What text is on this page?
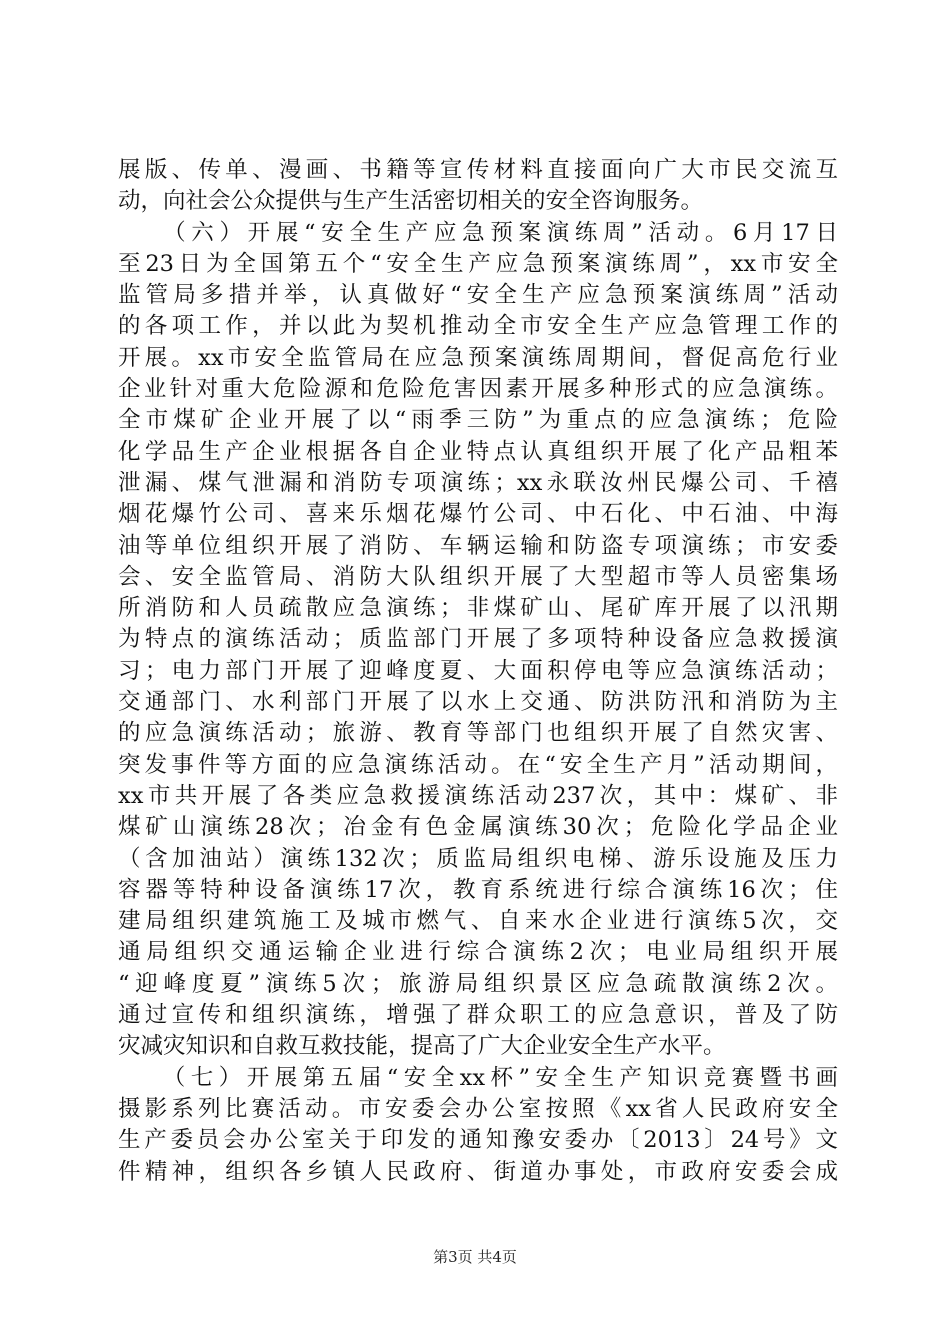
展版、传单、漫画、书籍等宣传材料直接面向广大市民交流互
动，向社会公众提供与生产生活密切相关的安全咨询服务。
　　（六）开展“安全生产应急预案演练周”活动。6月17日
至23日为全国第五个“安全生产应急预案演练周”，xx市安全
监管局多措并举，认真做好“安全生产应急预案演练周”活动
的各项工作，并以此为契机推动全市安全生产应急管理工作的
开展。xx市安全监管局在应急预案演练周期间，督促高危行业
企业针对重大危险源和危险危害因素开展多种形式的应急演练。
全市煤矿企业开展了以“雨季三防”为重点的应急演练；危险
化学品生产企业根据各自企业特点认真组织开展了化产品粗苯
泄漏、煤气泄漏和消防专项演练；xx永联汝州民爆公司、千禧
烟花爆竹公司、喜来乐烟花爆竹公司、中石化、中石油、中海
油等单位组织开展了消防、车辆运输和防盗专项演练；市安委
会、安全监管局、消防大队组织开展了大型超市等人员密集场
所消防和人员疏散应急演练；非煤矿山、尾矿库开展了以汛期
为特点的演练活动；质监部门开展了多项特种设备应急救援演
习；电力部门开展了迎峰度夏、大面积停电等应急演练活动；
交通部门、水利部门开展了以水上交通、防洪防汛和消防为主
的应急演练活动；旅游、教育等部门也组织开展了自然灾害、
突发事件等方面的应急演练活动。在“安全生产月”活动期间，
xx市共开展了各类应急救援演练活动237次，其中：煤矿、非
煤矿山演练28次；冶金有色金属演练30次；危险化学品企业
（含加油站）演练132次；质监局组织电梯、游乐设施及压力
容器等特种设备演练17次，教育系统进行综合演练16次；住
建局组织建筑施工及城市燃气、自来水企业进行演练5次，交
通局组织交通运输企业进行综合演练2次；电业局组织开展
“迎峰度夏”演练5次；旅游局组织景区应急疏散演练2次。
通过宣传和组织演练，增强了群众职工的应急意识，普及了防
灾减灾知识和自救互救技能，提高了广大企业安全生产水平。
　　（七）开展第五届“安全xx杯”安全生产知识竞赛暨书画
摄影系列比赛活动。市安委会办公室按照《xx省人民政府安全
生产委员会办公室关于印发的通知豫安委办〔2013〕24号》文
件精神，组织各乡镇人民政府、街道办事处，市政府安委会成
第3页 共4页
